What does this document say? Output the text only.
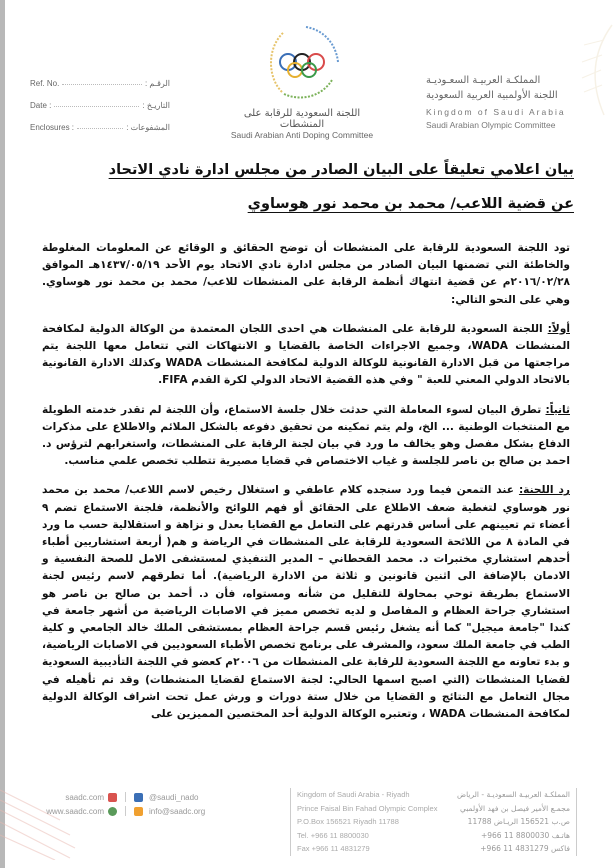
Ref. No.	الرقـم :
Date :	التاريـخ :
Enclosures :	المشفوعات :
اللجنة السعودية للرقابة على المنشطات
Saudi Arabian Anti Doping Committee
المملكـة العربيـة السعـوديـة
اللجنة الأولمبية العربية السعودية
Kingdom of Saudi Arabia
Saudi Arabian Olympic Committee
بيان اعلامي تعليقاً على البيان الصادر من مجلس ادارة نادي الاتحاد
عن قضية اللاعب/ محمد بن محمد نور هوساوي

تود اللجنة السعودية للرقابة على المنشطات أن توضح الحقائق و الوقائع عن المعلومات المغلوطة والخاطئة التي تضمنها البيان الصادر من مجلس ادارة نادي الاتحاد يوم الأحد ١٤٣٧/٠٥/١٩هـ الموافق ٢٠١٦/٠٢/٢٨م عن قضية انتهاك أنظمة الرقابة على المنشطات للاعب/ محمد بن محمد نور هوساوي. وهي على النحو التالي:

أولاً: اللجنة السعودية للرقابة على المنشطات هي احدى اللجان المعتمدة من الوكالة الدولية لمكافحة المنشطات WADA، وجميع الاجراءات الخاصة بالقضايا و الانتهاكات التي تتعامل معها اللجنة يتم مراجعتها من قبل الادارة القانونية للوكالة الدولية لمكافحة المنشطات WADA وكذلك الادارة القانونية بالاتحاد الدولي المعني للعبة " وفي هذه القضية الاتحاد الدولي لكرة القدم FIFA.

ثانياً: تطرق البيان لسوء المعاملة التي حدثت خلال جلسة الاستماع، وأن اللجنة لم تقدر خدمته الطويلة مع المنتخبات الوطنية ... الخ، ولم يتم تمكينه من تحقيق دفوعه بالشكل الملائم والاطلاع على مذكرات الدفاع بشكل مفصل وهو يخالف ما ورد في بيان لجنة الرقابة على المنشطات، واستغرابهم لترؤس د. احمد بن صالح بن ناصر للجلسة و غياب الاختصاص في قضايا مصيرية تتطلب تخصص علمي مناسب.

رد اللجنة: عند التمعن فيما ورد سنجده كلام عاطفي و استغلال رخيص لاسم اللاعب/ محمد بن محمد نور هوساوي لتغطية ضعف الاطلاع على الحقائق أو فهم اللوائح والأنظمة، فلجنة الاستماع تضم ٩ أعضاء تم تعيينهم على أساس قدرتهم على التعامل مع القضايا بعدل و نزاهة و استقلالية حسب ما ورد في المادة ٨ من اللائحة السعودية للرقابة على المنشطات في الرياضة و هم( أربعة استشاريين أطباء أحدهم استشاري مختبرات د. محمد القحطاني – المدير التنفيذي لمستشفى الامل للصحة النفسية و الادمان بالإضافة الى اثنين قانونين و ثلاثة من الادارة الرياضية). أما تطرقهم لاسم رئيس لجنة الاستماع بطريقة توحي بمحاولة للتقليل من شأنه ومستواه، فأن د. أحمد بن صالح بن ناصر هو استشاري جراحة العظام و المفاصل و لديه تخصص مميز في الاصابات الرياضية من أشهر جامعة في كندا "جامعة ميجيل" كما أنه يشغل رئيس قسم جراحة العظام بمستشفى الملك خالد الجامعي و كلية الطب في جامعة الملك سعود، والمشرف على برنامج تخصص الأطباء السعوديين في الاصابات الرياضية، و بدء تعاونه مع اللجنة السعودية للرقابة على المنشطات من ٢٠٠٦م كعضو في اللجنة التأديبية السعودية لقضايا المنشطات (التي اصبح اسمها الحالي: لجنة الاستماع لقضايا المنشطات) وقد تم تأهيله في مجال التعامل مع النتائج و القضايا من خلال ستة دورات و ورش عمل تحت اشراف الوكالة الدولية لمكافحة المنشطات WADA ، وتعتبره الوكالة الدولية أحد المختصين المميزين على

saadc.com	@saudi_nado
www.saadc.com	info@saadc.org
Kingdom of Saudi Arabia - Riyadh
Prince Faisal Bin Fahad Olympic Complex
P.O.Box 156521 Riyadh 11788
Tel. +966 11 8800030
Fax +966 11 4831279
المملكـة العربيـة السعوديـة - الرياض
مجمـع الأمير فيصل بن فهد الأولمبي
ص.ب 156521 الريـاض 11788
هاتـف 8800030 11 966+
فاكس 4831279 11 966+
